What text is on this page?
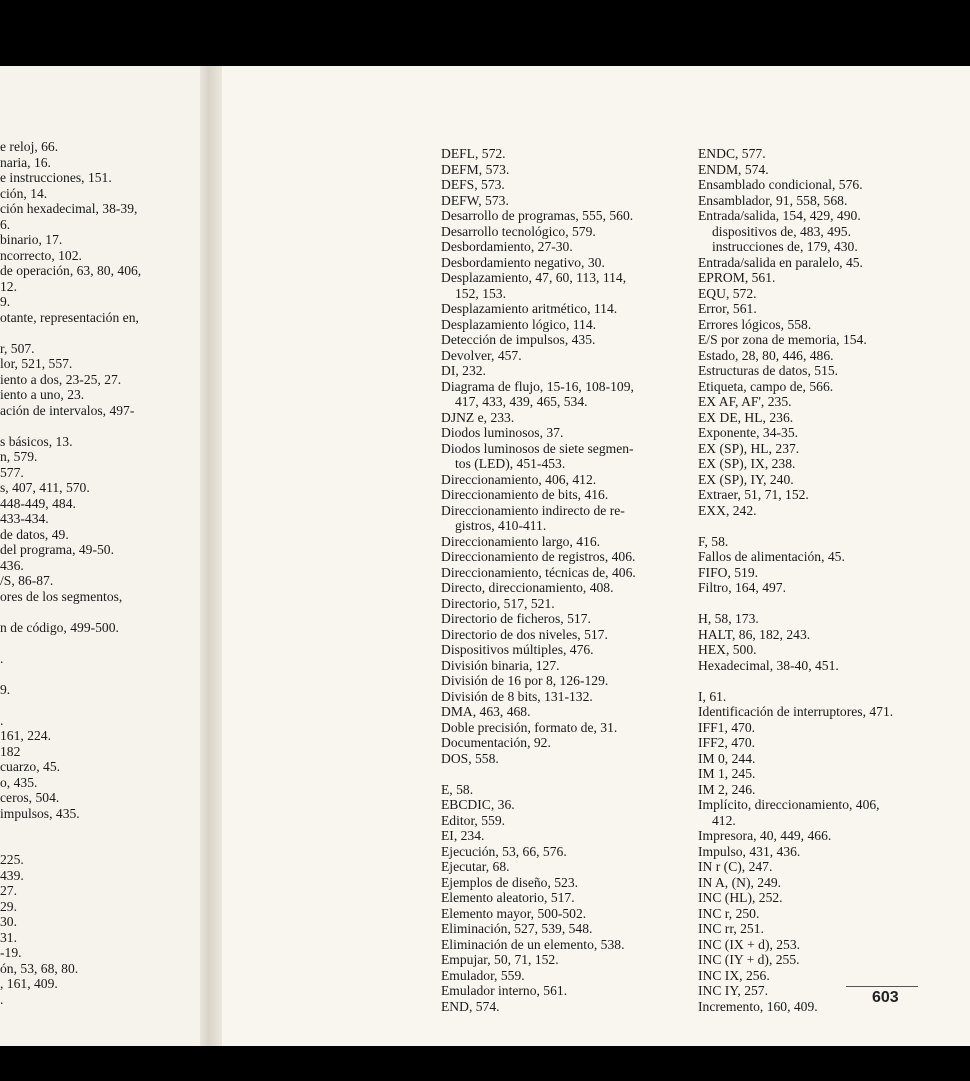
e reloj, 66.
naria, 16.
e instrucciones, 151.
ción, 14.
ción hexadecimal, 38-39,
6.
binario, 17.
ncorrecto, 102.
de operación, 63, 80, 406,
12.
9.
otante, representación en,
r, 507.
lor, 521, 557.
iento a dos, 23-25, 27.
iento a uno, 23.
ación de intervalos, 497-
s básicos, 13.
n, 579.
577.
s, 407, 411, 570.
448-449, 484.
433-434.
de datos, 49.
del programa, 49-50.
436.
/S, 86-87.
ores de los segmentos,
n de código, 499-500.
.
9.
.
161, 224.
182
cuarzo, 45.
o, 435.
ceros, 504.
impulsos, 435.
225.
439.
27.
29.
30.
31.
-19.
ón, 53, 68, 80.
, 161, 409.
.
DEFL, 572.
DEFM, 573.
DEFS, 573.
DEFW, 573.
Desarrollo de programas, 555, 560.
Desarrollo tecnológico, 579.
Desbordamiento, 27-30.
Desbordamiento negativo, 30.
Desplazamiento, 47, 60, 113, 114,
152, 153.
Desplazamiento aritmético, 114.
Desplazamiento lógico, 114.
Detección de impulsos, 435.
Devolver, 457.
DI, 232.
Diagrama de flujo, 15-16, 108-109,
417, 433, 439, 465, 534.
DJNZ e, 233.
Diodos luminosos, 37.
Diodos luminosos de siete segmen-
tos (LED), 451-453.
Direccionamiento, 406, 412.
Direccionamiento de bits, 416.
Direccionamiento indirecto de re-
gistros, 410-411.
Direccionamiento largo, 416.
Direccionamiento de registros, 406.
Direccionamiento, técnicas de, 406.
Directo, direccionamiento, 408.
Directorio, 517, 521.
Directorio de ficheros, 517.
Directorio de dos niveles, 517.
Dispositivos múltiples, 476.
División binaria, 127.
División de 16 por 8, 126-129.
División de 8 bits, 131-132.
DMA, 463, 468.
Doble precisión, formato de, 31.
Documentación, 92.
DOS, 558.
E, 58.
EBCDIC, 36.
Editor, 559.
EI, 234.
Ejecución, 53, 66, 576.
Ejecutar, 68.
Ejemplos de diseño, 523.
Elemento aleatorio, 517.
Elemento mayor, 500-502.
Eliminación, 527, 539, 548.
Eliminación de un elemento, 538.
Empujar, 50, 71, 152.
Emulador, 559.
Emulador interno, 561.
END, 574.
ENDC, 577.
ENDM, 574.
Ensamblado condicional, 576.
Ensamblador, 91, 558, 568.
Entrada/salida, 154, 429, 490.
dispositivos de, 483, 495.
instrucciones de, 179, 430.
Entrada/salida en paralelo, 45.
EPROM, 561.
EQU, 572.
Error, 561.
Errores lógicos, 558.
E/S por zona de memoria, 154.
Estado, 28, 80, 446, 486.
Estructuras de datos, 515.
Etiqueta, campo de, 566.
EX AF, AF', 235.
EX DE, HL, 236.
Exponente, 34-35.
EX (SP), HL, 237.
EX (SP), IX, 238.
EX (SP), IY, 240.
Extraer, 51, 71, 152.
EXX, 242.
F, 58.
Fallos de alimentación, 45.
FIFO, 519.
Filtro, 164, 497.
H, 58, 173.
HALT, 86, 182, 243.
HEX, 500.
Hexadecimal, 38-40, 451.
I, 61.
Identificación de interruptores, 471.
IFF1, 470.
IFF2, 470.
IM 0, 244.
IM 1, 245.
IM 2, 246.
Implícito, direccionamiento, 406,
412.
Impresora, 40, 449, 466.
Impulso, 431, 436.
IN r (C), 247.
IN A, (N), 249.
INC (HL), 252.
INC r, 250.
INC rr, 251.
INC (IX + d), 253.
INC (IY + d), 255.
INC IX, 256.
INC IY, 257.
Incremento, 160, 409.	603
